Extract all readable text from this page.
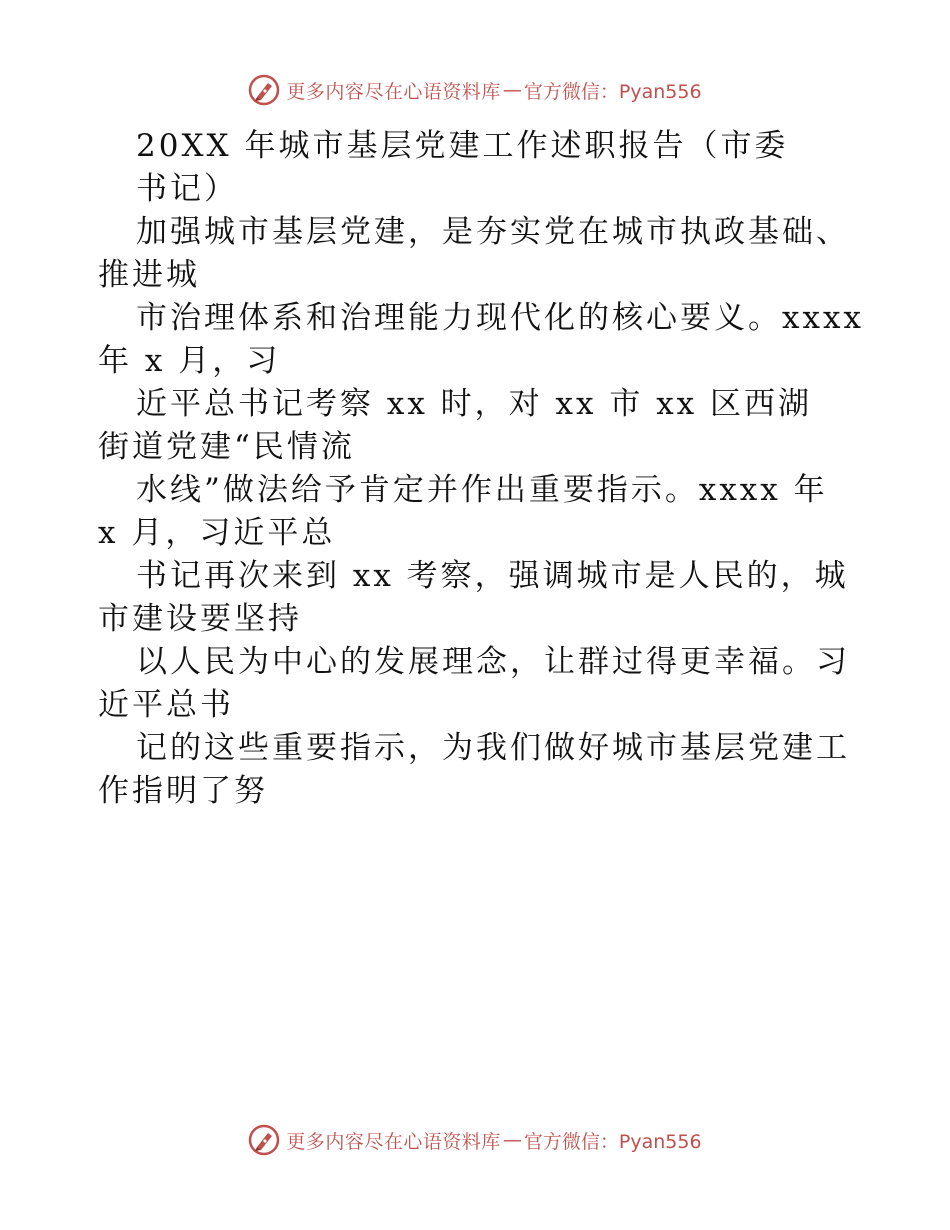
更多内容尽在心语资料库 — 官方微信：Pyan556
20XX 年城市基层党建工作述职报告（市委
书记）
加强城市基层党建，是夯实党在城市执政基础、
推进城
市治理体系和治理能力现代化的核心要义。xxxx
年 x 月，习
近平总书记考察 xx 时，对 xx 市 xx 区西湖
街道党建“民情流
水线”做法给予肯定并作出重要指示。xxxx 年
x 月，习近平总
书记再次来到 xx 考察，强调城市是人民的，城
市建设要坚持
以人民为中心的发展理念，让群过得更幸福。习
近平总书
记的这些重要指示，为我们做好城市基层党建工
作指明了努
更多内容尽在心语资料库 — 官方微信：Pyan556
